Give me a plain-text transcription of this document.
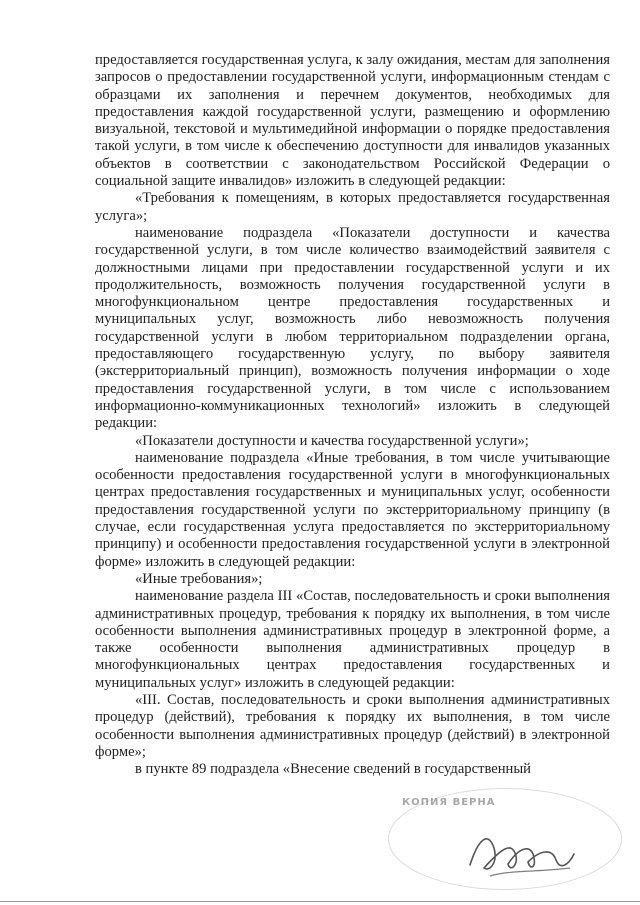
предоставляется государственная услуга, к залу ожидания, местам для заполнения запросов о предоставлении государственной услуги, информационным стендам с образцами их заполнения и перечнем документов, необходимых для предоставления каждой государственной услуги, размещению и оформлению визуальной, текстовой и мультимедийной информации о порядке предоставления такой услуги, в том числе к обеспечению доступности для инвалидов указанных объектов в соответствии с законодательством Российской Федерации о социальной защите инвалидов» изложить в следующей редакции:

«Требования к помещениям, в которых предоставляется государственная услуга»;

наименование подраздела «Показатели доступности и качества государственной услуги, в том числе количество взаимодействий заявителя с должностными лицами при предоставлении государственной услуги и их продолжительность, возможность получения государственной услуги в многофункциональном центре предоставления государственных и муниципальных услуг, возможность либо невозможность получения государственной услуги в любом территориальном подразделении органа, предоставляющего государственную услугу, по выбору заявителя (экстерриториальный принцип), возможность получения информации о ходе предоставления государственной услуги, в том числе с использованием информационно-коммуникационных технологий» изложить в следующей редакции:

«Показатели доступности и качества государственной услуги»;

наименование подраздела «Иные требования, в том числе учитывающие особенности предоставления государственной услуги в многофункциональных центрах предоставления государственных и муниципальных услуг, особенности предоставления государственной услуги по экстерриториальному принципу (в случае, если государственная услуга предоставляется по экстерриториальному принципу) и особенности предоставления государственной услуги в электронной форме» изложить в следующей редакции:

«Иные требования»;

наименование раздела III «Состав, последовательность и сроки выполнения административных процедур, требования к порядку их выполнения, в том числе особенности выполнения административных процедур в электронной форме, а также особенности выполнения административных процедур в многофункциональных центрах предоставления государственных и муниципальных услуг» изложить в следующей редакции:

«III. Состав, последовательность и сроки выполнения административных процедур (действий), требования к порядку их выполнения, в том числе особенности выполнения административных процедур (действий) в электронной форме»;

в пункте 89 подраздела «Внесение сведений в государственный

КОПИЯ ВЕРНА
